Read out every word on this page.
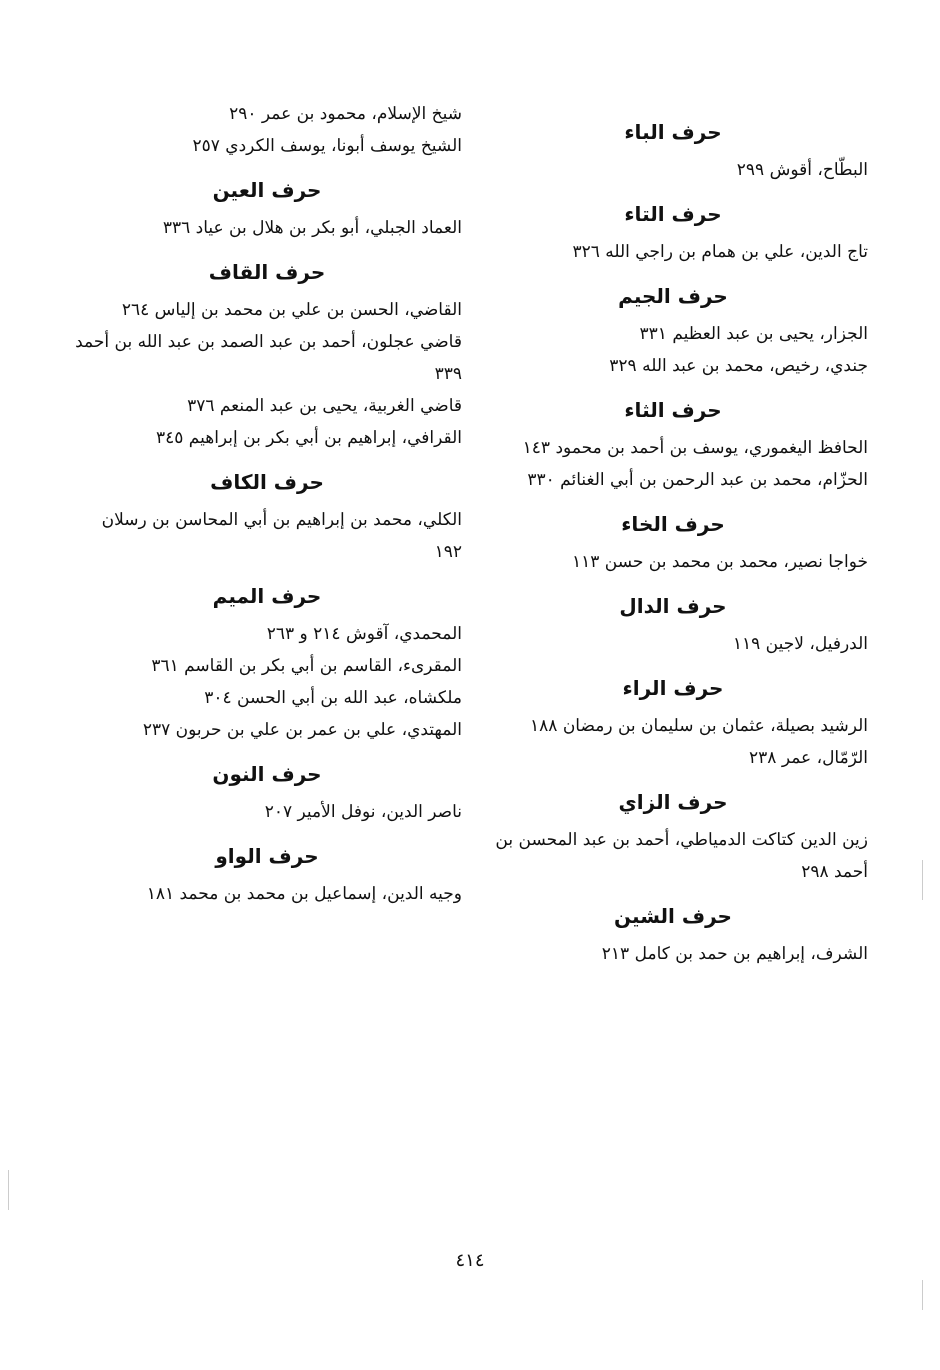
حرف الباء
البطّاح، أقوش ٢٩٩
حرف التاء
تاج الدين، علي بن همام بن راجي الله ٣٢٦
حرف الجيم
الجزار، يحيى بن عبد العظيم ٣٣١
جندي، رخيص، محمد بن عبد الله ٣٢٩
حرف الثاء
الحافظ اليغموري، يوسف بن أحمد بن محمود ١٤٣
الحزّام، محمد بن عبد الرحمن بن أبي الغنائم ٣٣٠
حرف الخاء
خواجا نصير، محمد بن محمد بن حسن ١١٣
حرف الدال
الدرفيل، لاجين ١١٩
حرف الراء
الرشيد بصيلة، عثمان بن سليمان بن رمضان ١٨٨
الرّمّال، عمر ٢٣٨
حرف الزاي
زين الدين كتاكت الدمياطي، أحمد بن عبد المحسن بن أحمد ٢٩٨
حرف الشين
الشرف، إبراهيم بن حمد بن كامل ٢١٣
شيخ الإسلام، محمود بن عمر ٢٩٠
الشيخ يوسف أبونا، يوسف الكردي ٢٥٧
حرف العين
العماد الجبلي، أبو بكر بن هلال بن عياد ٣٣٦
حرف القاف
القاضي، الحسن بن علي بن محمد بن إلياس ٢٦٤
قاضي عجلون، أحمد بن عبد الصمد بن عبد الله بن أحمد ٣٣٩
قاضي الغربية، يحيى بن عبد المنعم ٣٧٦
القرافي، إبراهيم بن أبي بكر بن إبراهيم ٣٤٥
حرف الكاف
الكلي، محمد بن إبراهيم بن أبي المحاسن بن رسلان ١٩٢
حرف الميم
المحمدي، آقوش ٢١٤ و ٢٦٣
المقرىء، القاسم بن أبي بكر بن القاسم ٣٦١
ملكشاه، عبد الله بن أبي الحسن ٣٠٤
المهتدي، علي بن عمر بن علي بن حربون ٢٣٧
حرف النون
ناصر الدين، نوفل الأمير ٢٠٧
حرف الواو
وجيه الدين، إسماعيل بن محمد بن محمد ١٨١
٤١٤
